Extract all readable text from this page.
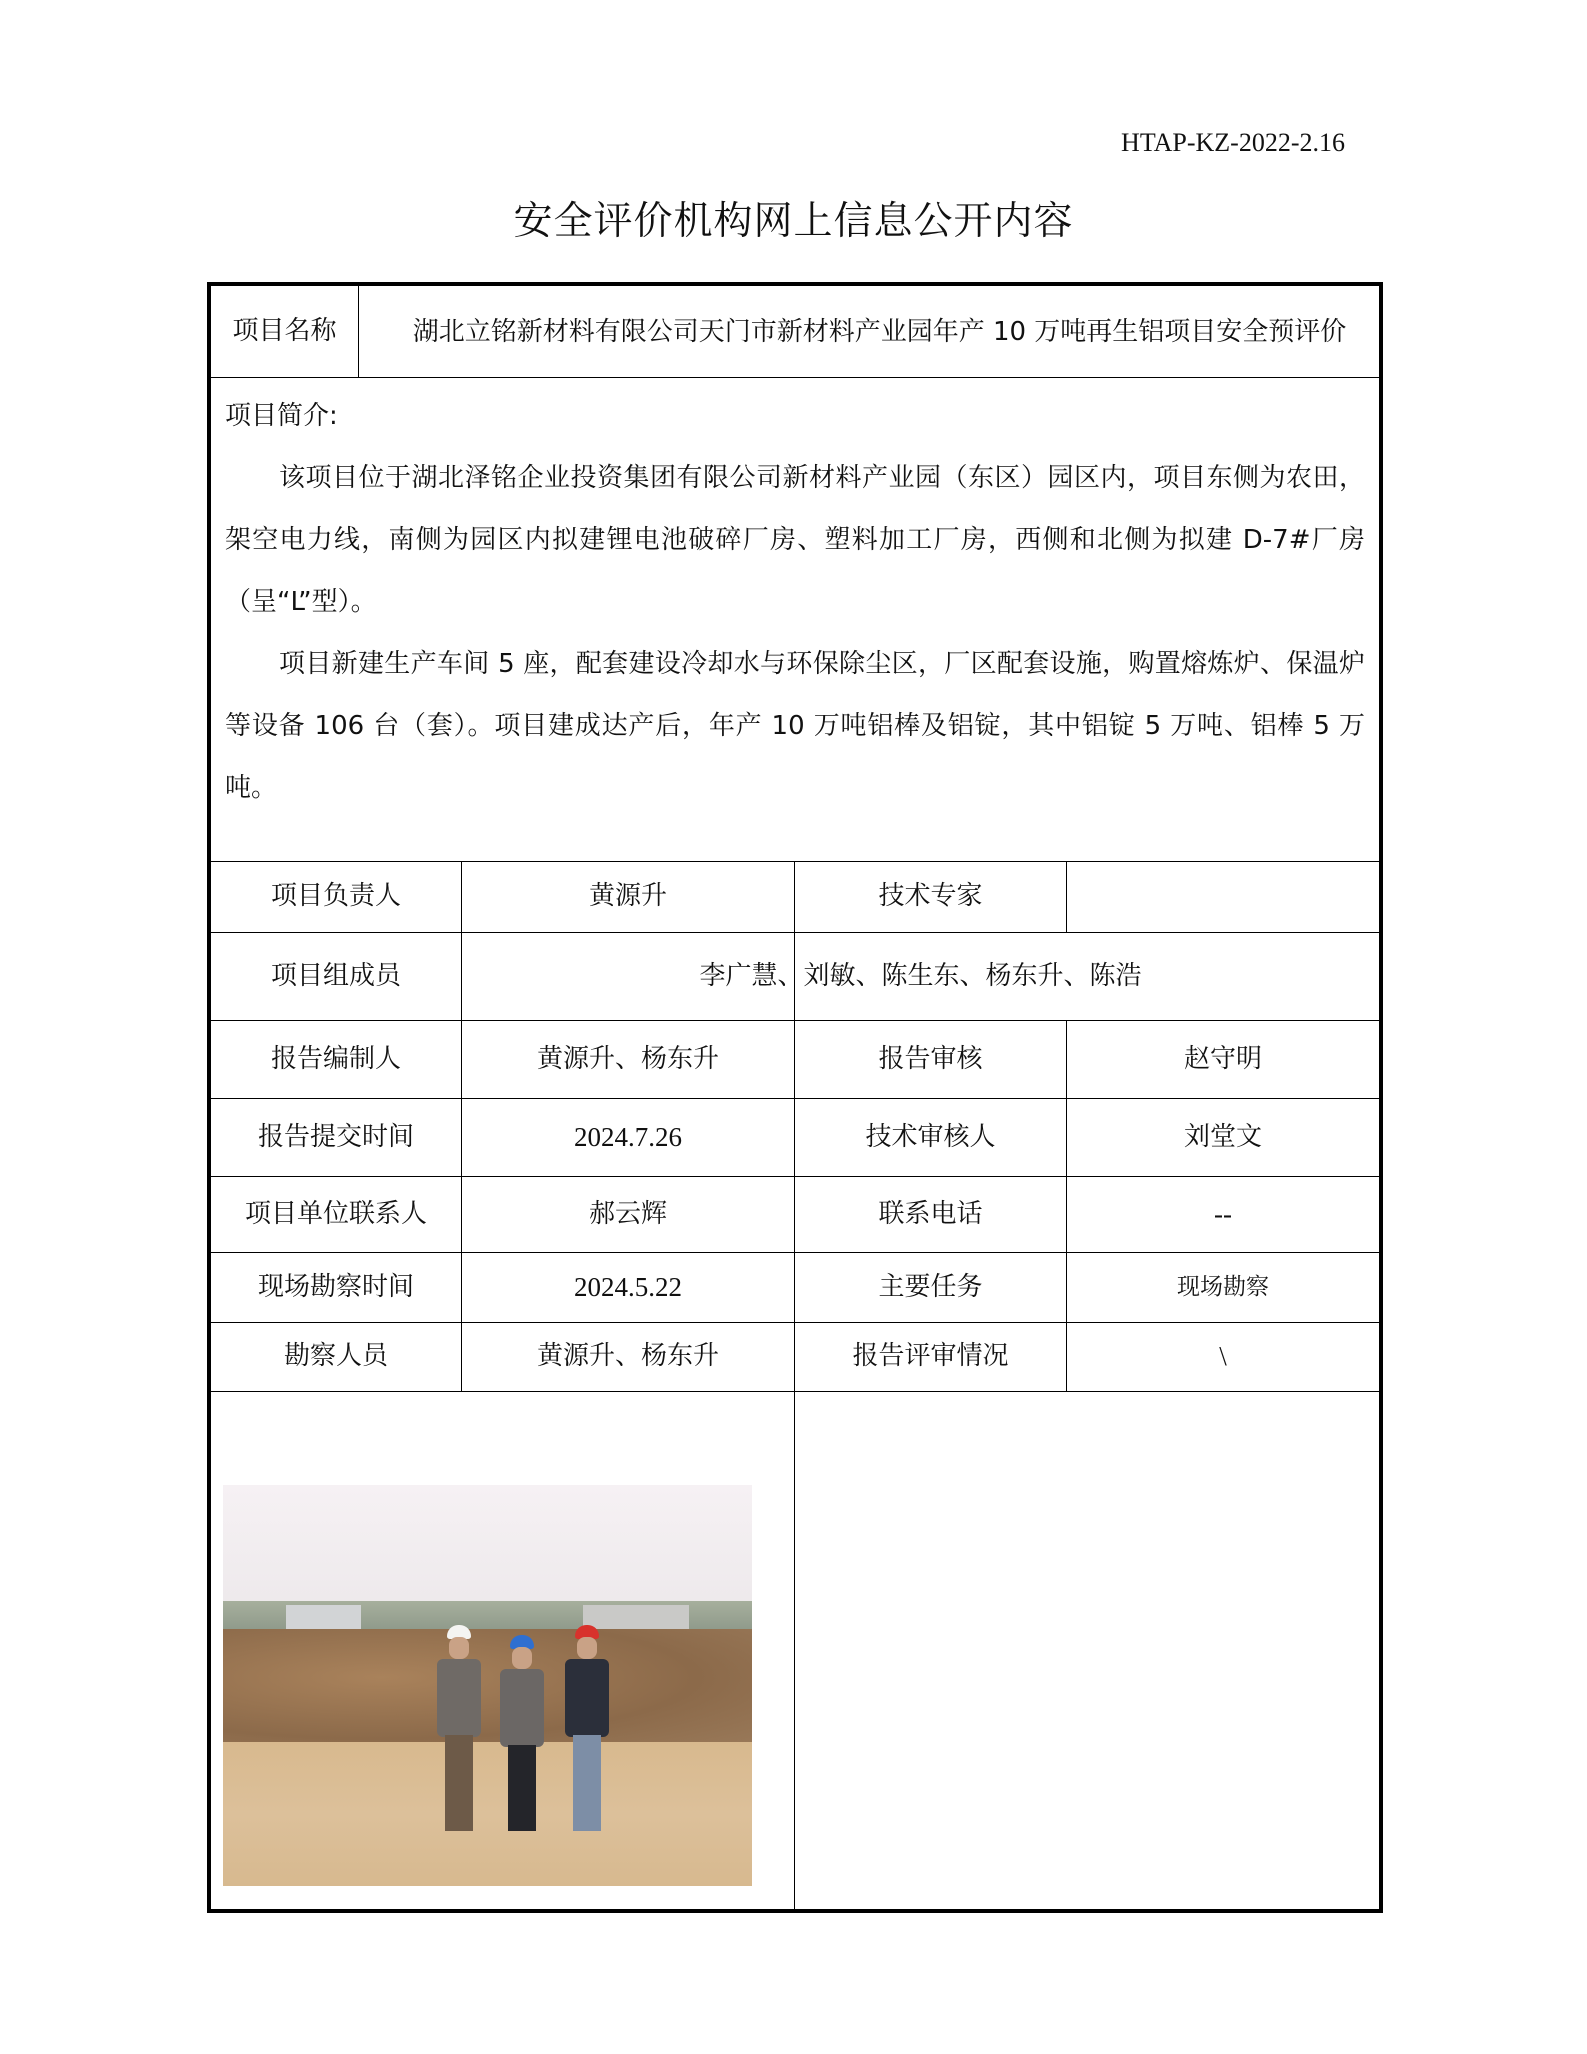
HTAP-KZ-2022-2.16
安全评价机构网上信息公开内容
项目名称	湖北立铭新材料有限公司天门市新材料产业园年产 10 万吨再生铝项目安全预评价

项目简介:

该项目位于湖北泽铭企业投资集团有限公司新材料产业园（东区）园区内，项目东侧为农田，架空电力线，南侧为园区内拟建锂电池破碎厂房、塑料加工厂房，西侧和北侧为拟建 D-7#厂房（呈“L”型）。

项目新建生产车间 5 座，配套建设冷却水与环保除尘区，厂区配套设施，购置熔炼炉、保温炉等设备 106 台（套）。项目建成达产后，年产 10 万吨铝棒及铝锭，其中铝锭 5 万吨、铝棒 5 万吨。

项目负责人	黄源升	技术专家
项目组成员	李广慧、刘敏、陈生东、杨东升、陈浩
报告编制人	黄源升、杨东升	报告审核	赵守明
报告提交时间	2024.7.26	技术审核人	刘堂文
项目单位联系人	郝云辉	联系电话	--
现场勘察时间	2024.5.22	主要任务	现场勘察
勘察人员	黄源升、杨东升	报告评审情况	\
